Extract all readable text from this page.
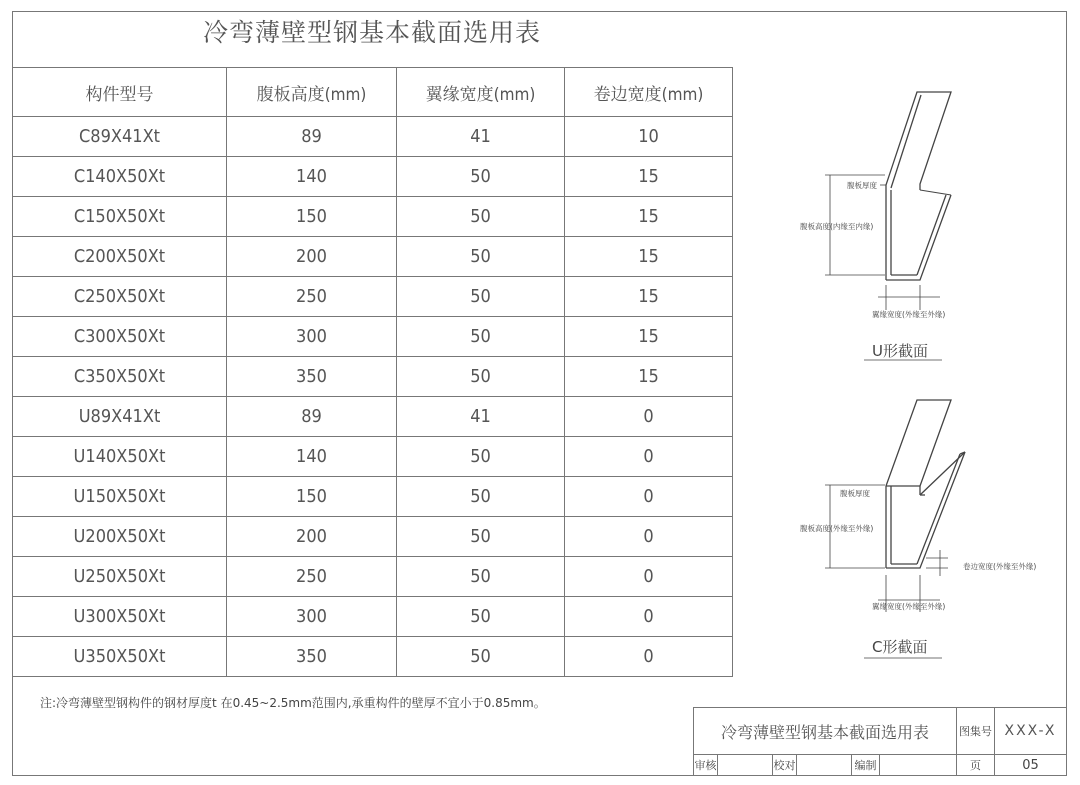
冷弯薄壁型钢基本截面选用表
构件型号	腹板高度(mm)	翼缘宽度(mm)	卷边宽度(mm)
C89X41Xt	89	41	10
C140X50Xt	140	50	15
C150X50Xt	150	50	15
C200X50Xt	200	50	15
C250X50Xt	250	50	15
C300X50Xt	300	50	15
C350X50Xt	350	50	15
U89X41Xt	89	41	0
U140X50Xt	140	50	0
U150X50Xt	150	50	0
U200X50Xt	200	50	0
U250X50Xt	250	50	0
U300X50Xt	300	50	0
U350X50Xt	350	50	0
注:冷弯薄壁型钢构件的钢材厚度t 在0.45~2.5mm范围内,承重构件的壁厚不宜小于0.85mm。
腹板厚度
腹板高度(内缘至内缘)
翼缘宽度(外缘至外缘)
U形截面
腹板厚度
腹板高度(外缘至外缘)
卷边宽度(外缘至外缘)
翼缘宽度(外缘至外缘)
C形截面
冷弯薄壁型钢基本截面选用表						图集号	XXX-X
审核		校对		编制		页	05
